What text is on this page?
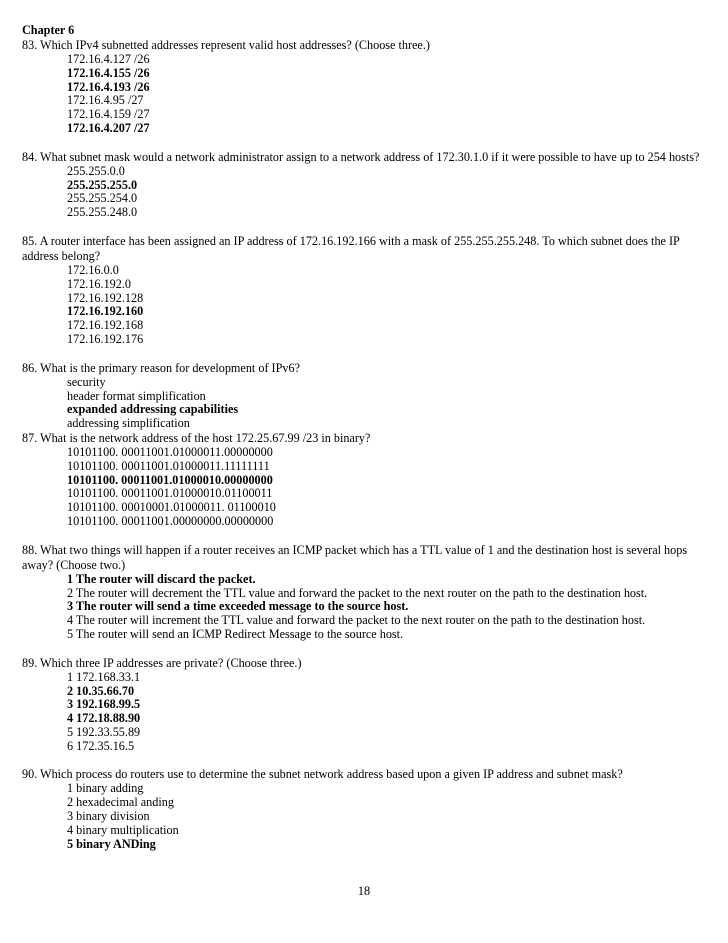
Chapter 6
83. Which IPv4 subnetted addresses represent valid host addresses? (Choose three.)
172.16.4.127 /26
172.16.4.155 /26
172.16.4.193 /26
172.16.4.95 /27
172.16.4.159 /27
172.16.4.207 /27
84. What subnet mask would a network administrator assign to a network address of 172.30.1.0 if it were possible to have up to 254 hosts?
255.255.0.0
255.255.255.0
255.255.254.0
255.255.248.0
85. A router interface has been assigned an IP address of 172.16.192.166 with a mask of 255.255.255.248. To which subnet does the IP address belong?
172.16.0.0
172.16.192.0
172.16.192.128
172.16.192.160
172.16.192.168
172.16.192.176
86. What is the primary reason for development of IPv6?
security
header format simplification
expanded addressing capabilities
addressing simplification
87. What is the network address of the host 172.25.67.99 /23 in binary?
10101100. 00011001.01000011.00000000
10101100. 00011001.01000011.11111111
10101100. 00011001.01000010.00000000
10101100. 00011001.01000010.01100011
10101100. 00010001.01000011. 01100010
10101100. 00011001.00000000.00000000
88. What two things will happen if a router receives an ICMP packet which has a TTL value of 1 and the destination host is several hops away? (Choose two.)
1 The router will discard the packet.
2 The router will decrement the TTL value and forward the packet to the next router on the path to the destination host.
3 The router will send a time exceeded message to the source host.
4 The router will increment the TTL value and forward the packet to the next router on the path to the destination host.
5 The router will send an ICMP Redirect Message to the source host.
89. Which three IP addresses are private? (Choose three.)
1 172.168.33.1
2 10.35.66.70
3 192.168.99.5
4 172.18.88.90
5 192.33.55.89
6 172.35.16.5
90. Which process do routers use to determine the subnet network address based upon a given IP address and subnet mask?
1 binary adding
2 hexadecimal anding
3 binary division
4 binary multiplication
5 binary ANDing
18
